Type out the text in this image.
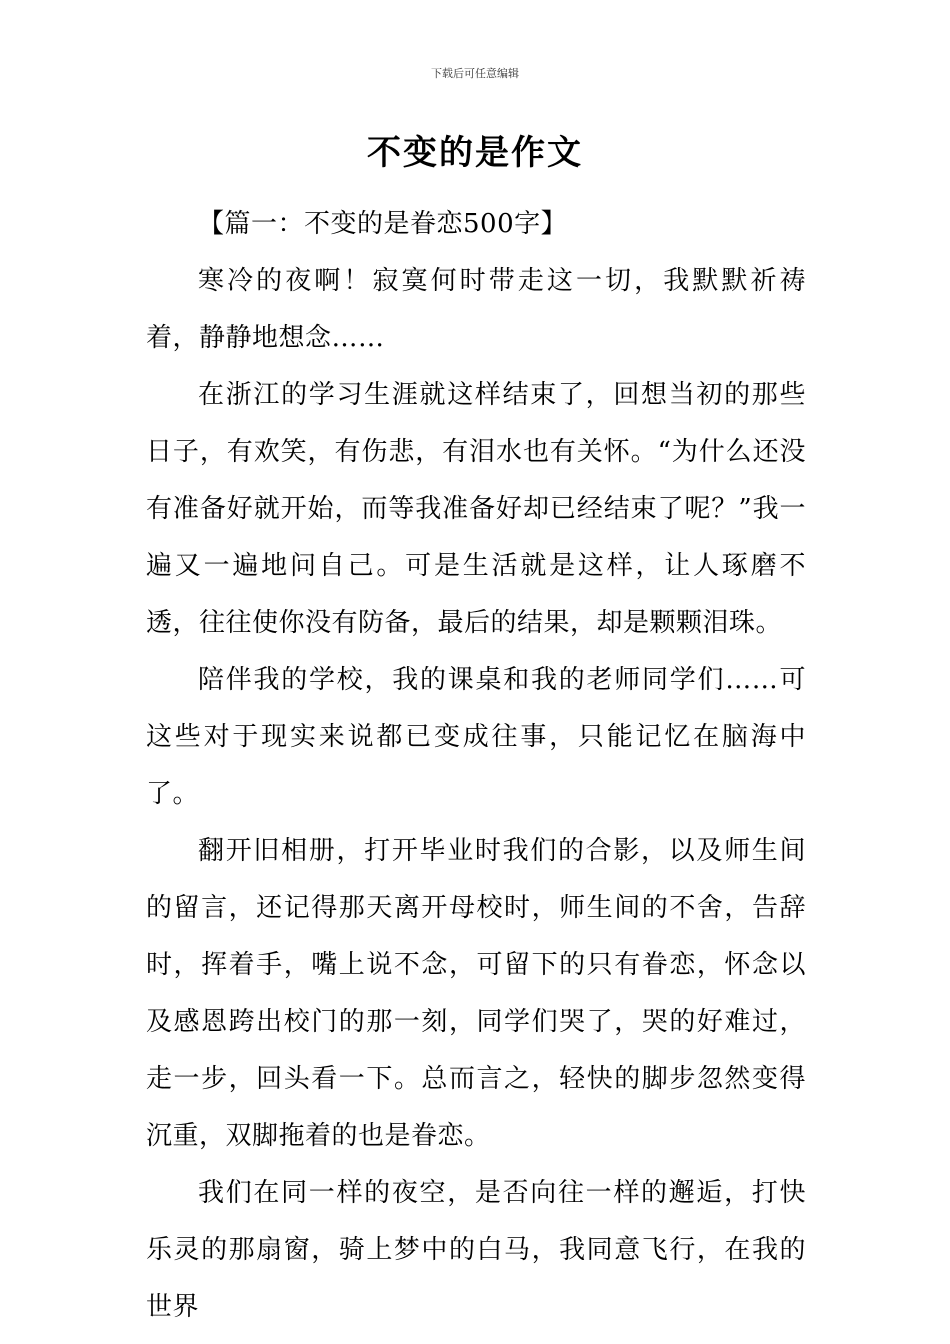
下载后可任意编辑
不变的是作文

【篇一：不变的是眷恋500字】

寒冷的夜啊！寂寞何时带走这一切，我默默祈祷着，静静地想念……

在浙江的学习生涯就这样结束了，回想当初的那些日子，有欢笑，有伤悲，有泪水也有关怀。“为什么还没有准备好就开始，而等我准备好却已经结束了呢？”我一遍又一遍地问自己。可是生活就是这样，让人琢磨不透，往往使你没有防备，最后的结果，却是颗颗泪珠。

陪伴我的学校，我的课桌和我的老师同学们……可这些对于现实来说都已变成往事，只能记忆在脑海中了。

翻开旧相册，打开毕业时我们的合影，以及师生间的留言，还记得那天离开母校时，师生间的不舍，告辞时，挥着手，嘴上说不念，可留下的只有眷恋，怀念以及感恩跨出校门的那一刻，同学们哭了，哭的好难过，走一步，回头看一下。总而言之，轻快的脚步忽然变得沉重，双脚拖着的也是眷恋。

我们在同一样的夜空，是否向往一样的邂逅，打快乐灵的那扇窗，骑上梦中的白马，我同意飞行，在我的世界
